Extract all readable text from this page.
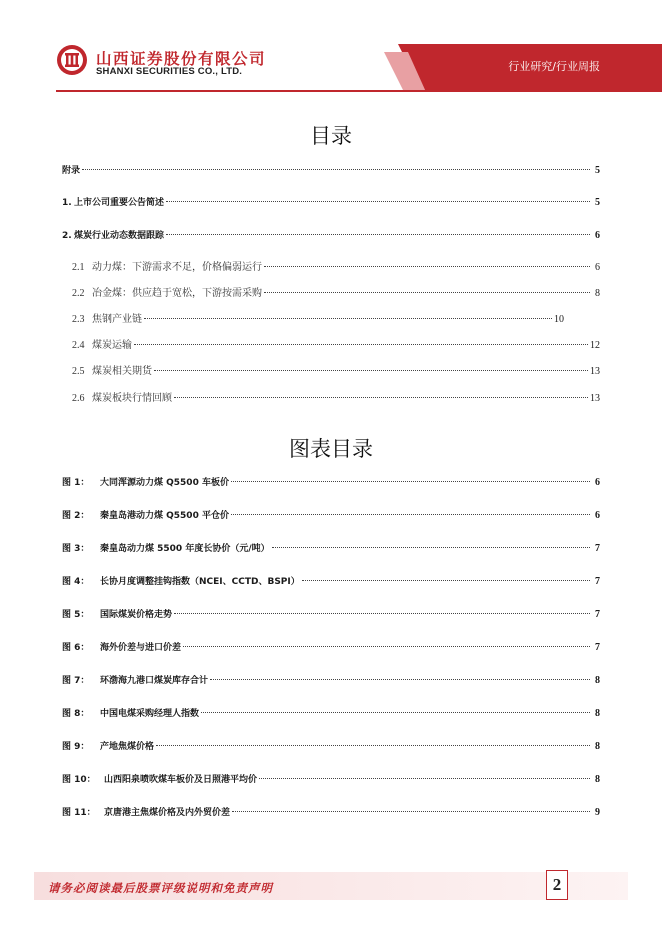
山西证券股份有限公司
SHANXI SECURITIES CO., LTD.	行业研究/行业周报
目录
附录	5
1. 上市公司重要公告简述	5
2. 煤炭行业动态数据跟踪	6
2.1 动力煤：下游需求不足，价格偏弱运行	6
2.2 冶金煤：供应趋于宽松，下游按需采购	8
2.3 焦钢产业链	10
2.4 煤炭运输	12
2.5 煤炭相关期货	13
2.6 煤炭板块行情回顾	13
图表目录
图 1： 大同浑源动力煤 Q5500 车板价	6
图 2： 秦皇岛港动力煤 Q5500 平仓价	6
图 3： 秦皇岛动力煤 5500 年度长协价（元/吨）	7
图 4： 长协月度调整挂钩指数（NCEI、CCTD、BSPI）	7
图 5： 国际煤炭价格走势	7
图 6： 海外价差与进口价差	7
图 7： 环渤海九港口煤炭库存合计	8
图 8： 中国电煤采购经理人指数	8
图 9： 产地焦煤价格	8
图 10： 山西阳泉喷吹煤车板价及日照港平均价	8
图 11： 京唐港主焦煤价格及内外贸价差	9
请务必阅读最后股票评级说明和免责声明	2
